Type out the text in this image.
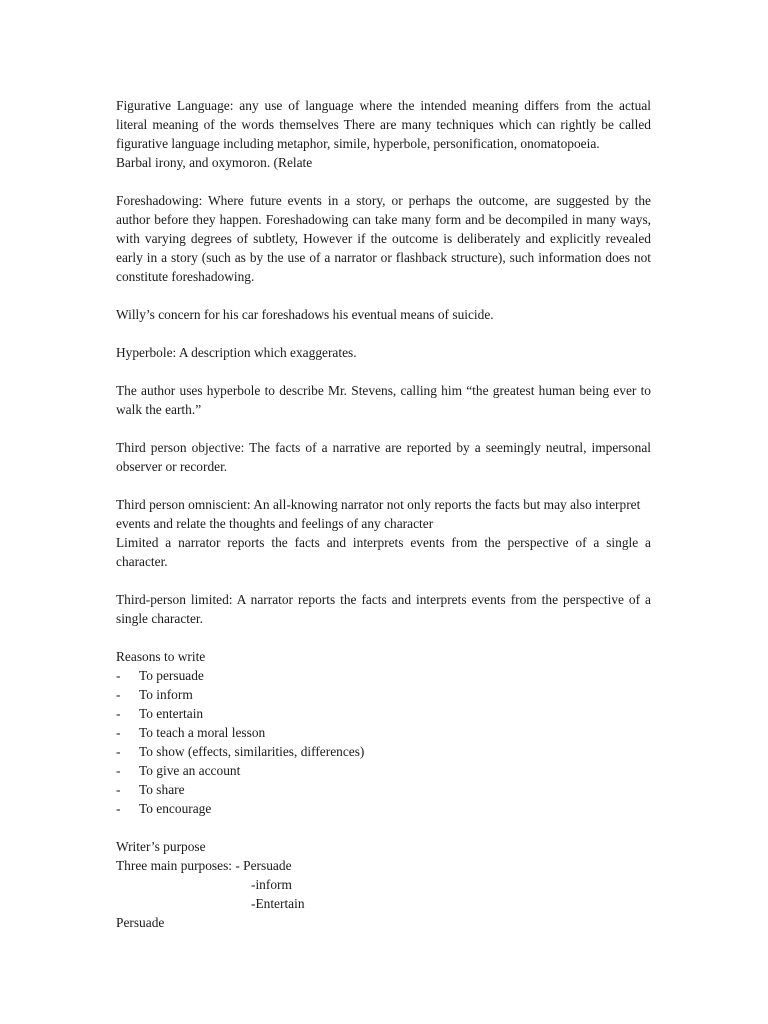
Figurative Language: any use of language where the intended meaning differs from the actual literal meaning of the words themselves There are many techniques which can rightly be called figurative language including metaphor, simile, hyperbole, personification, onomatopoeia.
Barbal irony, and oxymoron. (Relate

Foreshadowing: Where future events in a story, or perhaps the outcome, are suggested by the author before they happen. Foreshadowing can take many form and be decompiled in many ways, with varying degrees of subtlety, However if the outcome is deliberately and explicitly revealed early in a story (such as by the use of a narrator or flashback structure), such information does not constitute foreshadowing.

Willy’s concern for his car foreshadows his eventual means of suicide.

Hyperbole: A description which exaggerates.

The author uses hyperbole to describe Mr. Stevens, calling him “the greatest human being ever to walk the earth.”

Third person objective: The facts of a narrative are reported by a seemingly neutral, impersonal observer or recorder.

Third person omniscient: An all-knowing narrator not only reports the facts but may also interpret events and relate the thoughts and feelings of any character
Limited a narrator reports the facts and interprets events from the perspective of a single a character.

Third-person limited: A narrator reports the facts and interprets events from the perspective of a single character.

Reasons to write

-	To persuade
-	To inform
-	To entertain
-	To teach a moral lesson
-	To show (effects, similarities, differences)
-	To give an account
-	To share
-	To encourage
Writer’s purpose
Three main purposes: - Persuade
-inform
-Entertain
Persuade
